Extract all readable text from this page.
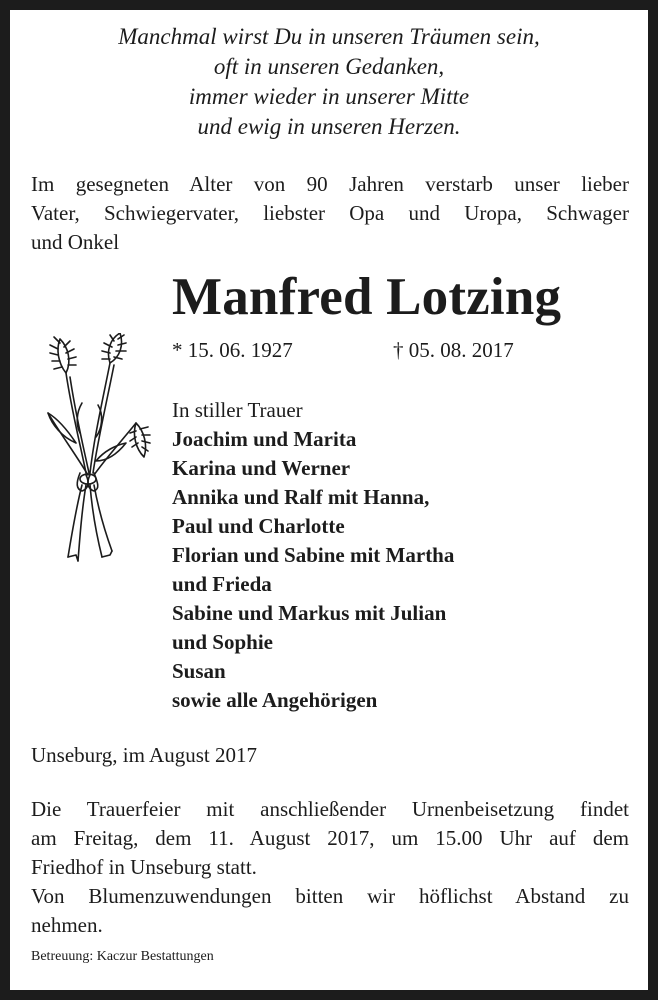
Manchmal wirst Du in unseren Träumen sein,
oft in unseren Gedanken,
immer wieder in unserer Mitte
und ewig in unseren Herzen.
Im gesegneten Alter von 90 Jahren verstarb unser lieber
Vater, Schwiegervater, liebster Opa und Uropa, Schwager
und Onkel
Manfred Lotzing
* 15. 06. 1927	† 05. 08. 2017
In stiller Trauer
Joachim und Marita
Karina und Werner
Annika und Ralf mit Hanna,
Paul und Charlotte
Florian und Sabine mit Martha
und Frieda
Sabine und Markus mit Julian
und Sophie
Susan
sowie alle Angehörigen
Unseburg, im August 2017
Die Trauerfeier mit anschließender Urnenbeisetzung findet
am Freitag, dem 11. August 2017, um 15.00 Uhr auf dem
Friedhof in Unseburg statt.
Von Blumenzuwendungen bitten wir höflichst Abstand zu
nehmen.
Betreuung: Kaczur Bestattungen
